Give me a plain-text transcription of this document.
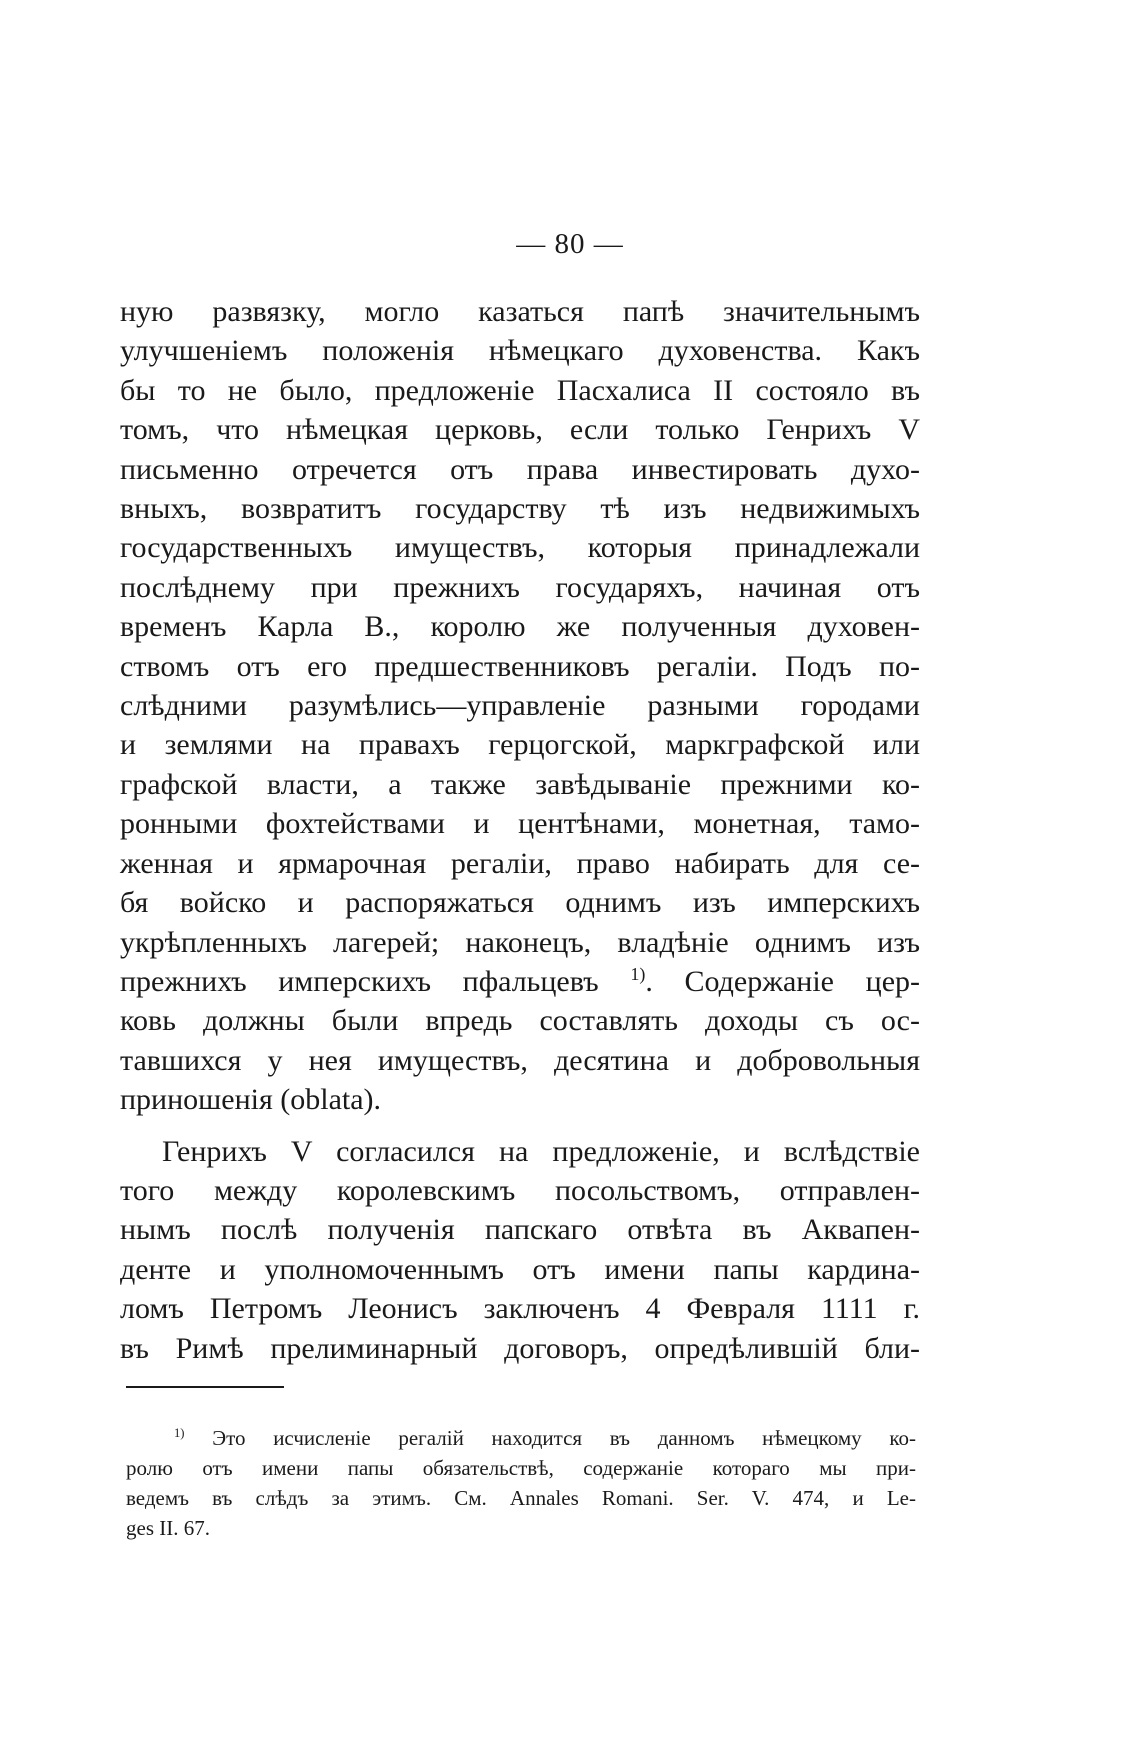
— 80 —
ную развязку, могло казаться папѣ значительнымъ
улучшеніемъ положенія нѣмецкаго духовенства. Какъ
бы то не было, предложеніе Пасхалиса II состояло въ
томъ, что нѣмецкая церковь, если только Генрихъ V
письменно отречется отъ права инвестировать духо-
вныхъ, возвратитъ государству тѣ изъ недвижимыхъ
государственныхъ имуществъ, которыя принадлежали
послѣднему при прежнихъ государяхъ, начиная отъ
временъ Карла В., королю же полученныя духовен-
ствомъ отъ его предшественниковъ регаліи. Подъ по-
слѣдними разумѣлись—управленіе разными городами
и землями на правахъ герцогской, маркграфской или
графской власти, а также завѣдываніе прежними ко-
ронными фохтействами и центѣнами, монетная, тамо-
женная и ярмарочная регаліи, право набирать для се-
бя войско и распоряжаться однимъ изъ имперскихъ
укрѣпленныхъ лагерей; наконецъ, владѣніе однимъ изъ
прежнихъ имперскихъ пфальцевъ $^{1)}$. Содержаніе цер-
ковь должны были впредь составлять доходы съ ос-
тавшихся у нея имуществъ, десятина и добровольныя
приношенія (oblata).
Генрихъ V согласился на предложеніе, и вслѣдствіе
того между королевскимъ посольствомъ, отправлен-
нымъ послѣ полученія папскаго отвѣта въ Аквапен-
денте и уполномоченнымъ отъ имени папы кардина-
ломъ Петромъ Леонисъ заключенъ 4 Февраля 1111 г.
въ Римѣ прелиминарный договоръ, опредѣлившій бли-
$^{1)}$ Это исчисленіе регалій находится въ данномъ нѣмецкому ко-
ролю отъ имени папы обязательствѣ, содержаніе котораго мы при-
ведемъ въ слѣдъ за этимъ. См. Annales Romani. Ser. V. 474, и Le-
ges II. 67.
